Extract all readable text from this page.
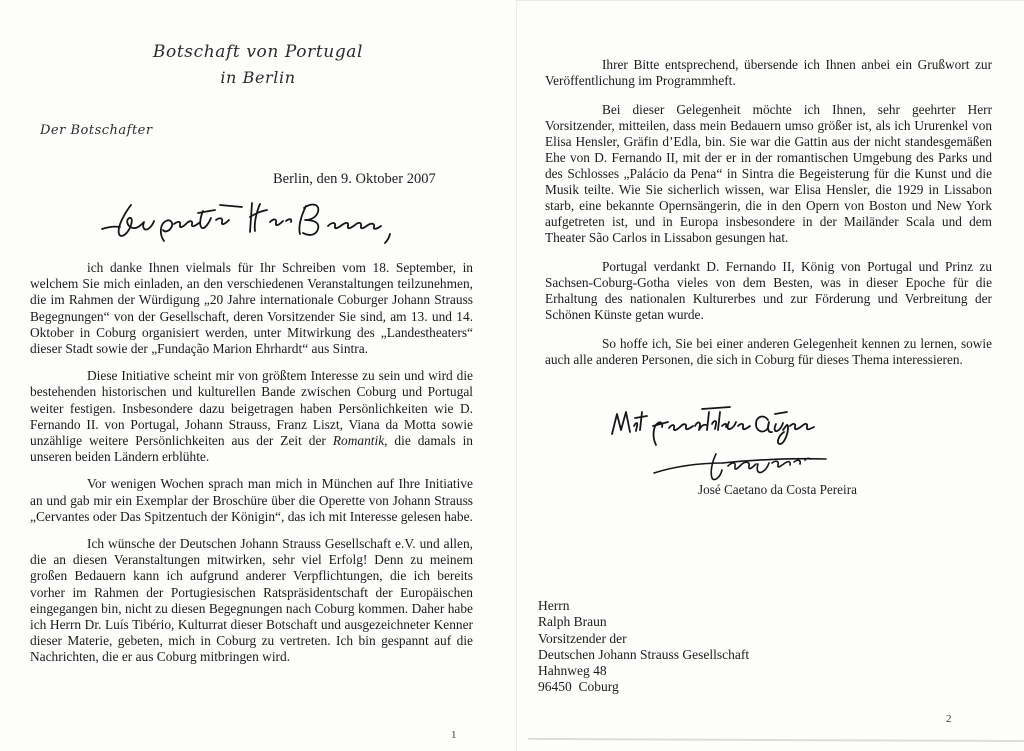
Botschaft von Portugal
in Berlin
Der Botschafter
Berlin, den 9. Oktober 2007

ich danke Ihnen vielmals für Ihr Schreiben vom 18. September, in welchem Sie mich einladen, an den verschiedenen Veranstaltungen teilzunehmen, die im Rahmen der Würdigung „20 Jahre internationale Coburger Johann Strauss Begegnungen“ von der Gesellschaft, deren Vorsitzender Sie sind, am 13. und 14. Oktober in Coburg organisiert werden, unter Mitwirkung des „Landestheaters“ dieser Stadt sowie der „Fundação Marion Ehrhardt“ aus Sintra.

Diese Initiative scheint mir von größtem Interesse zu sein und wird die bestehenden historischen und kulturellen Bande zwischen Coburg und Portugal weiter festigen. Insbesondere dazu beigetragen haben Persönlichkeiten wie D. Fernando II. von Portugal, Johann Strauss, Franz Liszt, Viana da Motta sowie unzählige weitere Persönlichkeiten aus der Zeit der Romantik, die damals in unseren beiden Ländern erblühte.

Vor wenigen Wochen sprach man mich in München auf Ihre Initiative an und gab mir ein Exemplar der Broschüre über die Operette von Johann Strauss „Cervantes oder Das Spitzentuch der Königin“, das ich mit Interesse gelesen habe.

Ich wünsche der Deutschen Johann Strauss Gesellschaft e.V. und allen, die an diesen Veranstaltungen mitwirken, sehr viel Erfolg! Denn zu meinem großen Bedauern kann ich aufgrund anderer Verpflichtungen, die ich bereits vorher im Rahmen der Portugiesischen Ratspräsidentschaft der Europäischen eingegangen bin, nicht zu diesen Begegnungen nach Coburg kommen. Daher habe ich Herrn Dr. Luís Tibério, Kulturrat dieser Botschaft und ausgezeichneter Kenner dieser Materie, gebeten, mich in Coburg zu vertreten. Ich bin gespannt auf die Nachrichten, die er aus Coburg mitbringen wird.

1

Ihrer Bitte entsprechend, übersende ich Ihnen anbei ein Grußwort zur Veröffentlichung im Programmheft.

Bei dieser Gelegenheit möchte ich Ihnen, sehr geehrter Herr Vorsitzender, mitteilen, dass mein Bedauern umso größer ist, als ich Ururenkel von Elisa Hensler, Gräfin d’Edla, bin. Sie war die Gattin aus der nicht standesgemäßen Ehe von D. Fernando II, mit der er in der romantischen Umgebung des Parks und des Schlosses „Palácio da Pena“ in Sintra die Begeisterung für die Kunst und die Musik teilte. Wie Sie sicherlich wissen, war Elisa Hensler, die 1929 in Lissabon starb, eine bekannte Opernsängerin, die in den Opern von Boston und New York aufgetreten ist, und in Europa insbesondere in der Mailänder Scala und dem Theater São Carlos in Lissabon gesungen hat.

Portugal verdankt D. Fernando II, König von Portugal und Prinz zu Sachsen-Coburg-Gotha vieles von dem Besten, was in dieser Epoche für die Erhaltung des nationalen Kulturerbes und zur Förderung und Verbreitung der Schönen Künste getan wurde.

So hoffe ich, Sie bei einer anderen Gelegenheit kennen zu lernen, sowie auch alle anderen Personen, die sich in Coburg für dieses Thema interessieren.

José Caetano da Costa Pereira
Herrn
Ralph Braun
Vorsitzender der
Deutschen Johann Strauss Gesellschaft
Hahnweg 48
96450  Coburg
2
